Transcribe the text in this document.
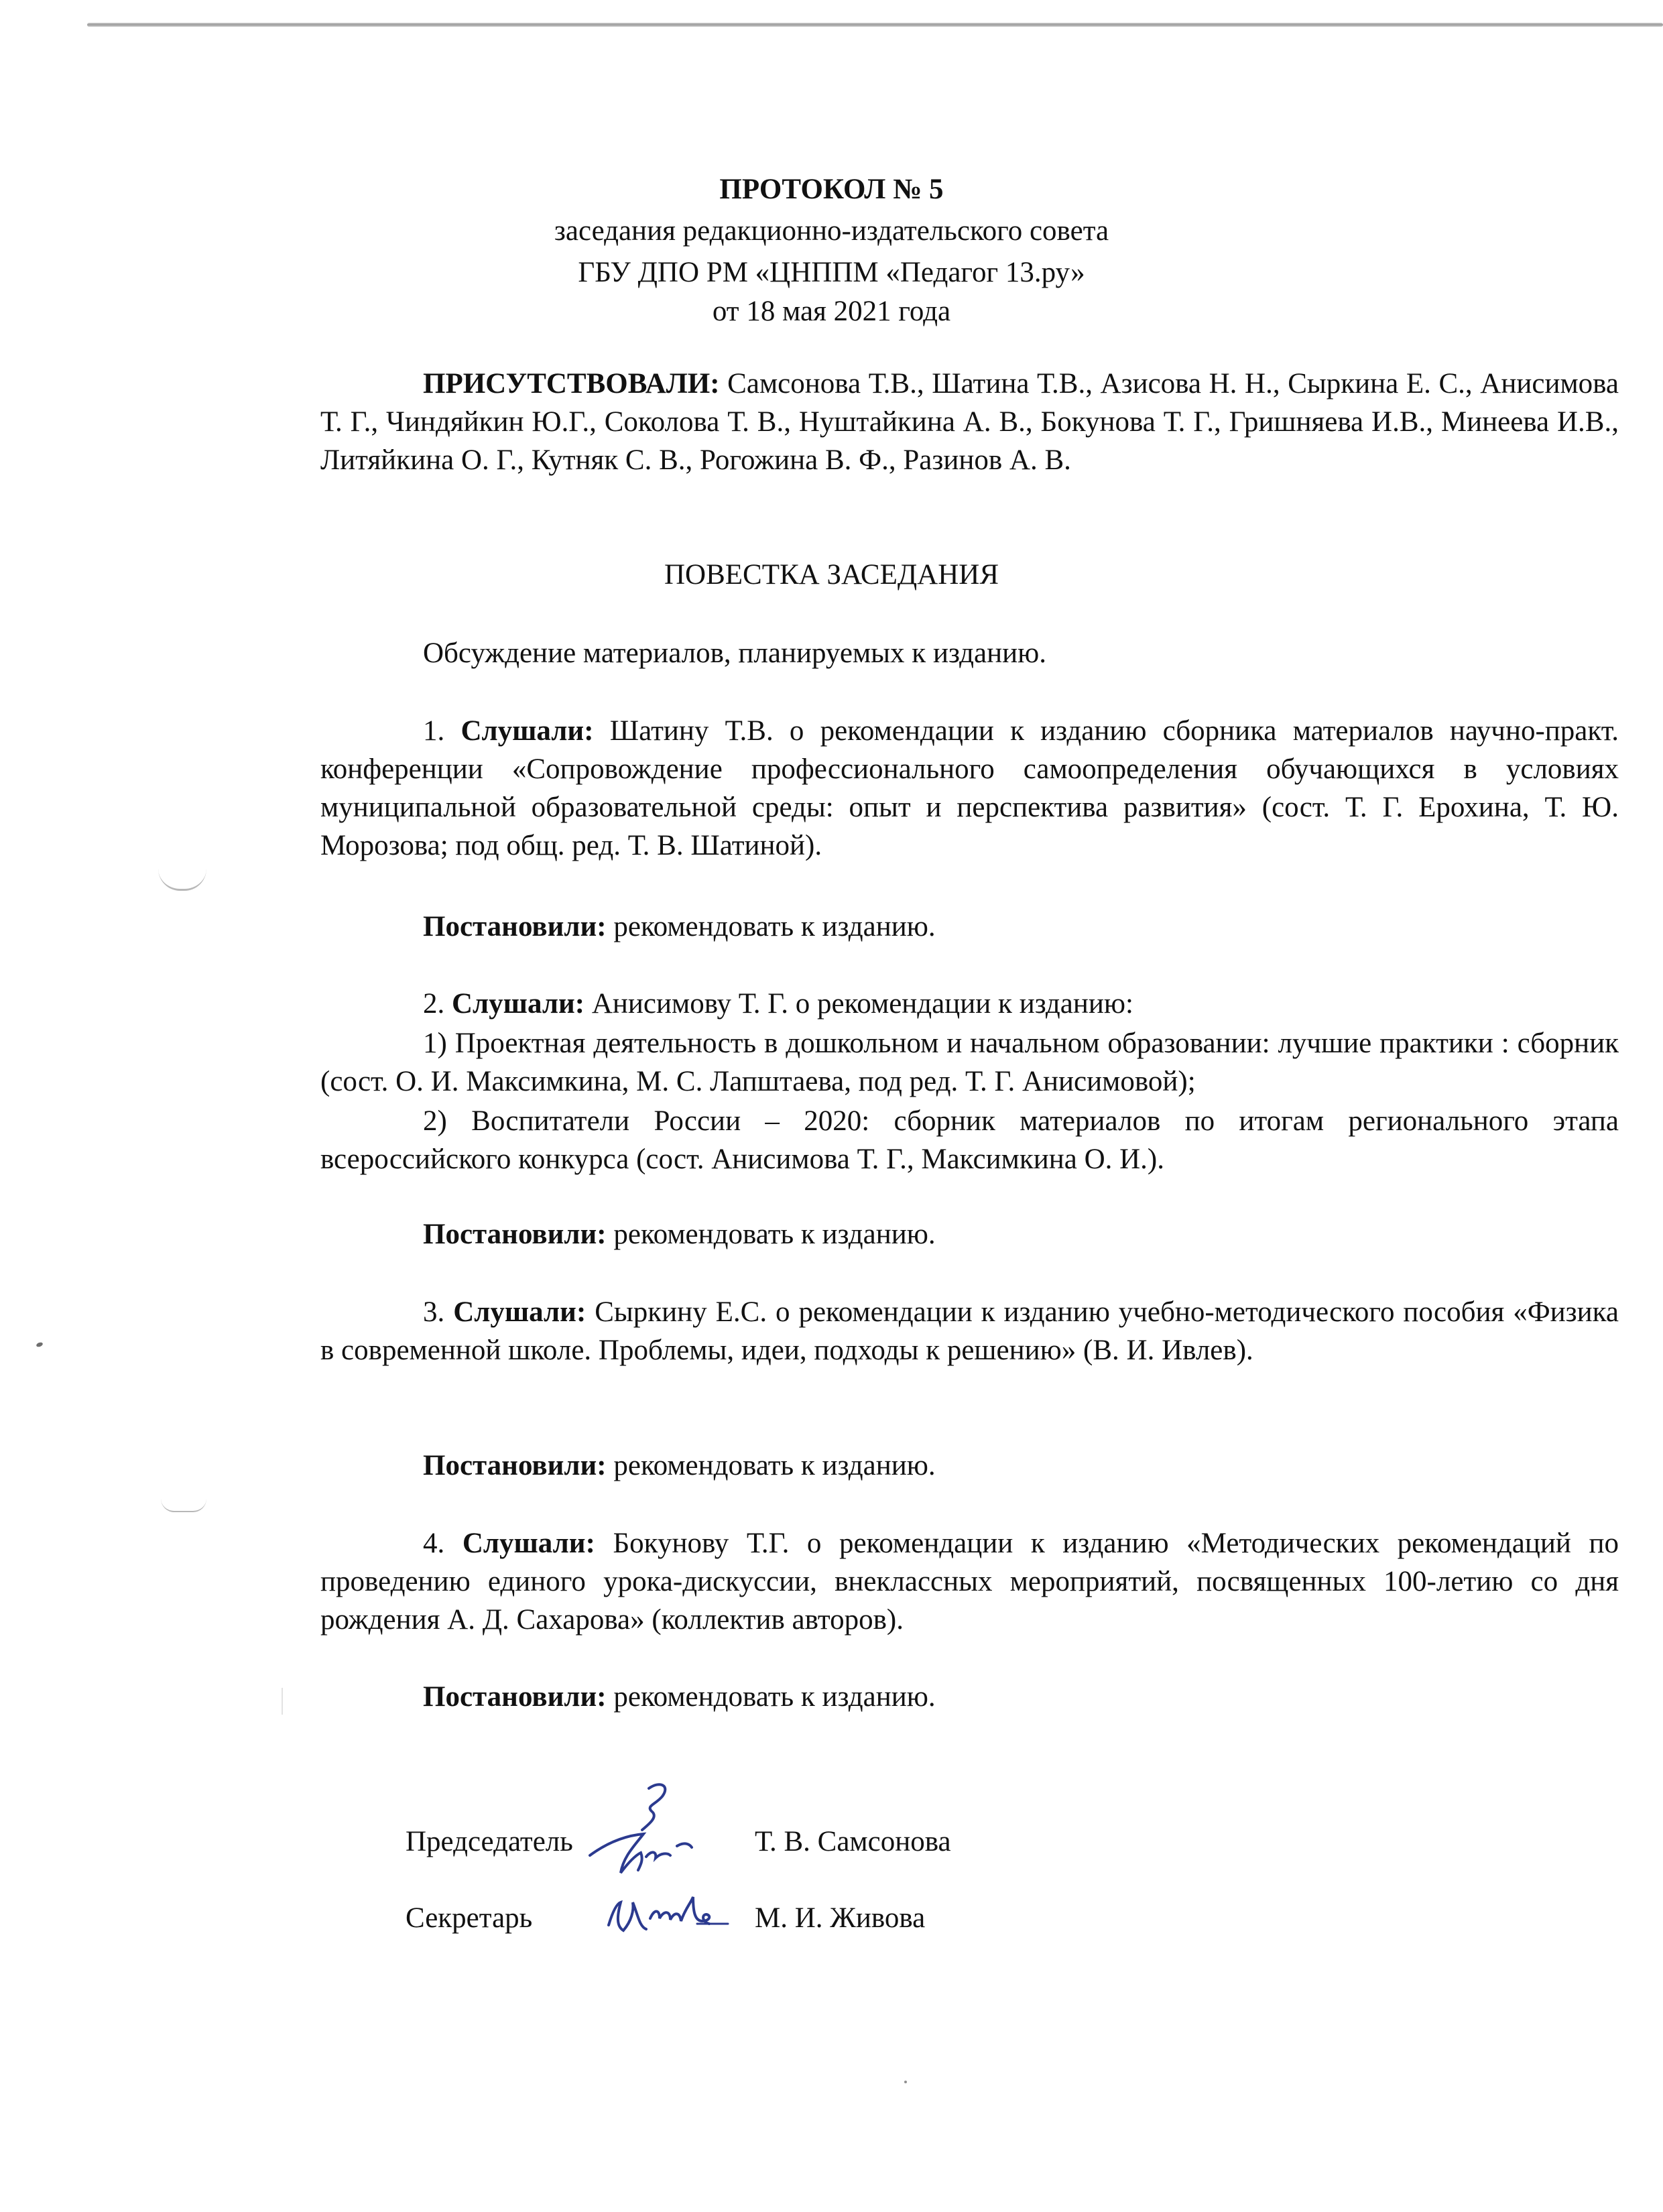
ПРОТОКОЛ № 5

заседания редакционно-издательского совета

ГБУ ДПО РМ «ЦНППМ «Педагог 13.ру»

от 18 мая 2021 года

ПРИСУТСТВОВАЛИ: Самсонова Т.В., Шатина Т.В., Азисова Н. Н., Сыркина Е. С., Анисимова Т. Г., Чиндяйкин Ю.Г., Соколова Т. В., Нуштайкина А. В., Бокунова Т. Г., Гришняева И.В., Минеева И.В., Литяйкина О. Г., Кутняк С. В., Рогожина В. Ф., Разинов А. В.

ПОВЕСТКА ЗАСЕДАНИЯ

Обсуждение материалов, планируемых к изданию.

1. Слушали: Шатину Т.В. о рекомендации к изданию сборника материалов научно-практ. конференции «Сопровождение профессионального самоопределения обучающихся в условиях муниципальной образовательной среды: опыт и перспектива развития» (сост. Т. Г. Ерохина, Т. Ю. Морозова; под общ. ред. Т. В. Шатиной).

Постановили: рекомендовать к изданию.

2. Слушали: Анисимову Т. Г. о рекомендации к изданию:

1) Проектная деятельность в дошкольном и начальном образовании: лучшие практики : сборник (сост. О. И. Максимкина, М. С. Лапштаева, под ред. Т. Г. Анисимовой);

2) Воспитатели России – 2020: сборник материалов по итогам регионального этапа всероссийского конкурса (сост. Анисимова Т. Г., Максимкина О. И.).

Постановили: рекомендовать к изданию.

3. Слушали: Сыркину Е.С. о рекомендации к изданию учебно-методического пособия «Физика в современной школе. Проблемы, идеи, подходы к решению» (В. И. Ивлев).

Постановили: рекомендовать к изданию.

4. Слушали: Бокунову Т.Г. о рекомендации к изданию «Методических рекомендаций по проведению единого урока-дискуссии, внеклассных мероприятий, посвященных 100-летию со дня рождения А. Д. Сахарова» (коллектив авторов).

Постановили: рекомендовать к изданию.

Председатель	Т. В. Самсонова
Секретарь	М. И. Живова
